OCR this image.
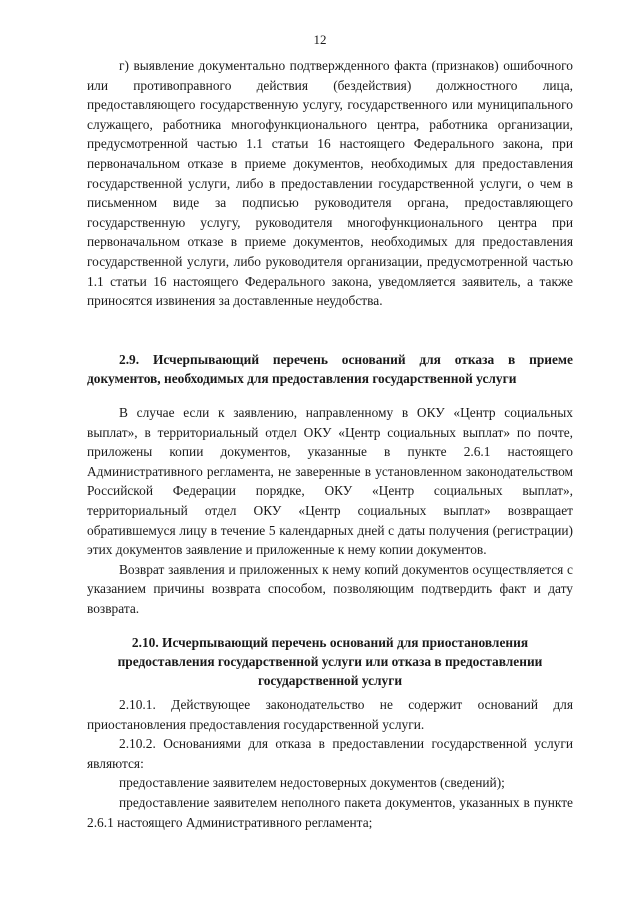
12

г) выявление документально подтвержденного факта (признаков) ошибочного или противоправного действия (бездействия) должностного лица, предоставляющего государственную услугу, государственного или муниципального служащего, работника многофункционального центра, работника организации, предусмотренной частью 1.1 статьи 16 настоящего Федерального закона, при первоначальном отказе в приеме документов, необходимых для предоставления государственной услуги, либо в предоставлении государственной услуги, о чем в письменном виде за подписью руководителя органа, предоставляющего государственную услугу, руководителя многофункционального центра при первоначальном отказе в приеме документов, необходимых для предоставления государственной услуги, либо руководителя организации, предусмотренной частью 1.1 статьи 16 настоящего Федерального закона, уведомляется заявитель, а также приносятся извинения за доставленные неудобства.

2.9. Исчерпывающий перечень оснований для отказа в приеме документов, необходимых для предоставления государственной услуги

В случае если к заявлению, направленному в ОКУ «Центр социальных выплат», в территориальный отдел ОКУ «Центр социальных выплат» по почте, приложены копии документов, указанные в пункте 2.6.1 настоящего Административного регламента, не заверенные в установленном законодательством Российской Федерации порядке, ОКУ «Центр социальных выплат», территориальный отдел ОКУ «Центр социальных выплат» возвращает обратившемуся лицу в течение 5 календарных дней с даты получения (регистрации) этих документов заявление и приложенные к нему копии документов.

Возврат заявления и приложенных к нему копий документов осуществляется с указанием причины возврата способом, позволяющим подтвердить факт и дату возврата.

2.10. Исчерпывающий перечень оснований для приостановления предоставления государственной услуги или отказа в предоставлении государственной услуги

2.10.1. Действующее законодательство не содержит оснований для приостановления предоставления государственной услуги.

2.10.2. Основаниями для отказа в предоставлении государственной услуги являются:

предоставление заявителем недостоверных документов (сведений);

предоставление заявителем неполного пакета документов, указанных в пункте 2.6.1 настоящего Административного регламента;
